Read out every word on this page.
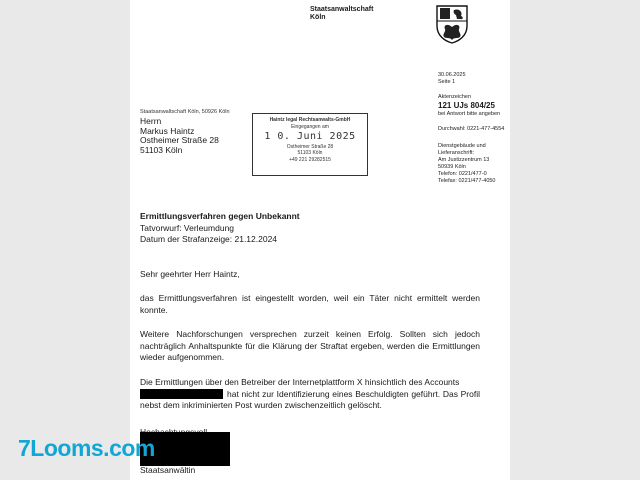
Staatsanwaltschaft
Köln
30.06.2025
Seite 1
Aktenzeichen
121 UJs 804/25
bei Antwort bitte angeben
Durchwahl: 0221-477-4554
Dienstgebäude und
Lieferanschrift:
Am Justizzentrum 13
50939 Köln
Telefon: 0221/477-0
Telefax: 0221/477-4050
Staatsanwaltschaft Köln, 50926 Köln
Herrn
Markus Haintz
Ostheimer Straße 28
51103 Köln
Haintz legal Rechtsanwalts-GmbH
Eingegangen am
1 0. Juni 2025
Ostheimer Straße 28
51103 Köln
+49 221 29282515
Ermittlungsverfahren gegen Unbekannt
Tatvorwurf: Verleumdung
Datum der Strafanzeige: 21.12.2024
Sehr geehrter Herr Haintz,
das Ermittlungsverfahren ist eingestellt worden, weil ein Täter nicht ermittelt werden konnte.
Weitere Nachforschungen versprechen zurzeit keinen Erfolg. Sollten sich jedoch nachträglich Anhaltspunkte für die Klärung der Straftat ergeben, werden die Ermittlungen wieder aufgenommen.
Die Ermittlungen über den Betreiber der Internetplattform X hinsichtlich des Accounts
hat nicht zur Identifizierung eines Beschuldigten geführt. Das Profil nebst dem inkriminierten Post wurden zwischenzeitlich gelöscht.
Staatsanwältin
7Looms.com
